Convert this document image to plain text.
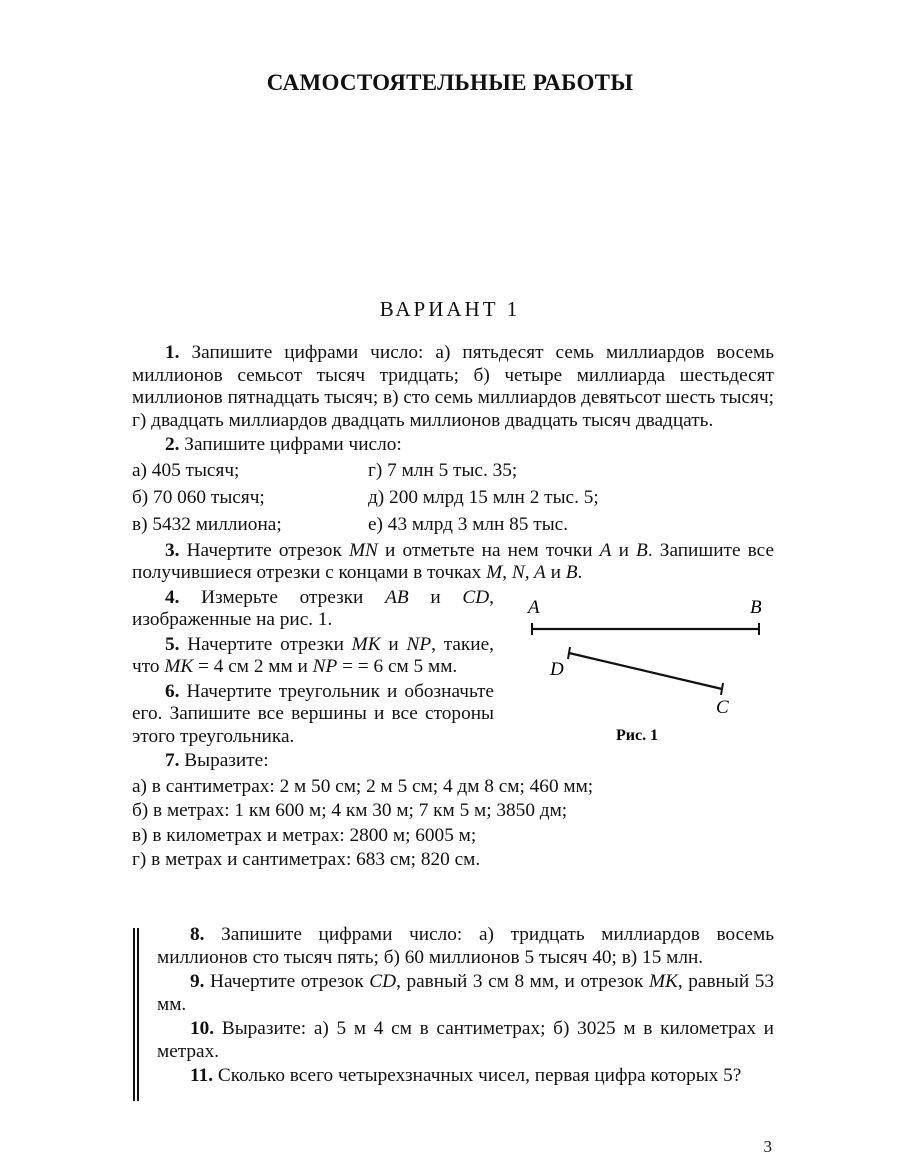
САМОСТОЯТЕЛЬНЫЕ РАБОТЫ
ВАРИАНТ 1

1. Запишите цифрами число: а) пятьдесят семь миллиардов восемь миллионов семьсот тысяч тридцать; б) четыре миллиарда шестьдесят миллионов пятнадцать тысяч; в) сто семь миллиардов девятьсот шесть тысяч; г) двадцать миллиардов двадцать миллионов двадцать тысяч двадцать.

2. Запишите цифрами число:

а) 405 тысяч;	г) 7 млн 5 тыс. 35;
б) 70 060 тысяч;	д) 200 млрд 15 млн 2 тыс. 5;
в) 5432 миллиона;	е) 43 млрд 3 млн 85 тыс.

3. Начертите отрезок MN и отметьте на нем точки A и B. Запишите все получившиеся отрезки с концами в точках M, N, A и B.

4. Измерьте отрезки AB и CD, изображенные на рис. 1.

5. Начертите отрезки MK и NP, такие, что MK = 4 см 2 мм и NP = = 6 см 5 мм.

6. Начертите треугольник и обозначьте его. Запишите все вершины и все стороны этого треугольника.

A	B
D
C
Рис. 1

7. Выразите:

а) в сантиметрах: 2 м 50 см; 2 м 5 см; 4 дм 8 см; 460 мм;
б) в метрах: 1 км 600 м; 4 км 30 м; 7 км 5 м; 3850 дм;
в) в километрах и метрах: 2800 м; 6005 м;
г) в метрах и сантиметрах: 683 см; 820 см.

8. Запишите цифрами число: а) тридцать миллиардов восемь миллионов сто тысяч пять; б) 60 миллионов 5 тысяч 40; в) 15 млн.

9. Начертите отрезок CD, равный 3 см 8 мм, и отрезок MK, равный 53 мм.

10. Выразите: а) 5 м 4 см в сантиметрах; б) 3025 м в километрах и метрах.

11. Сколько всего четырехзначных чисел, первая цифра которых 5?

3
